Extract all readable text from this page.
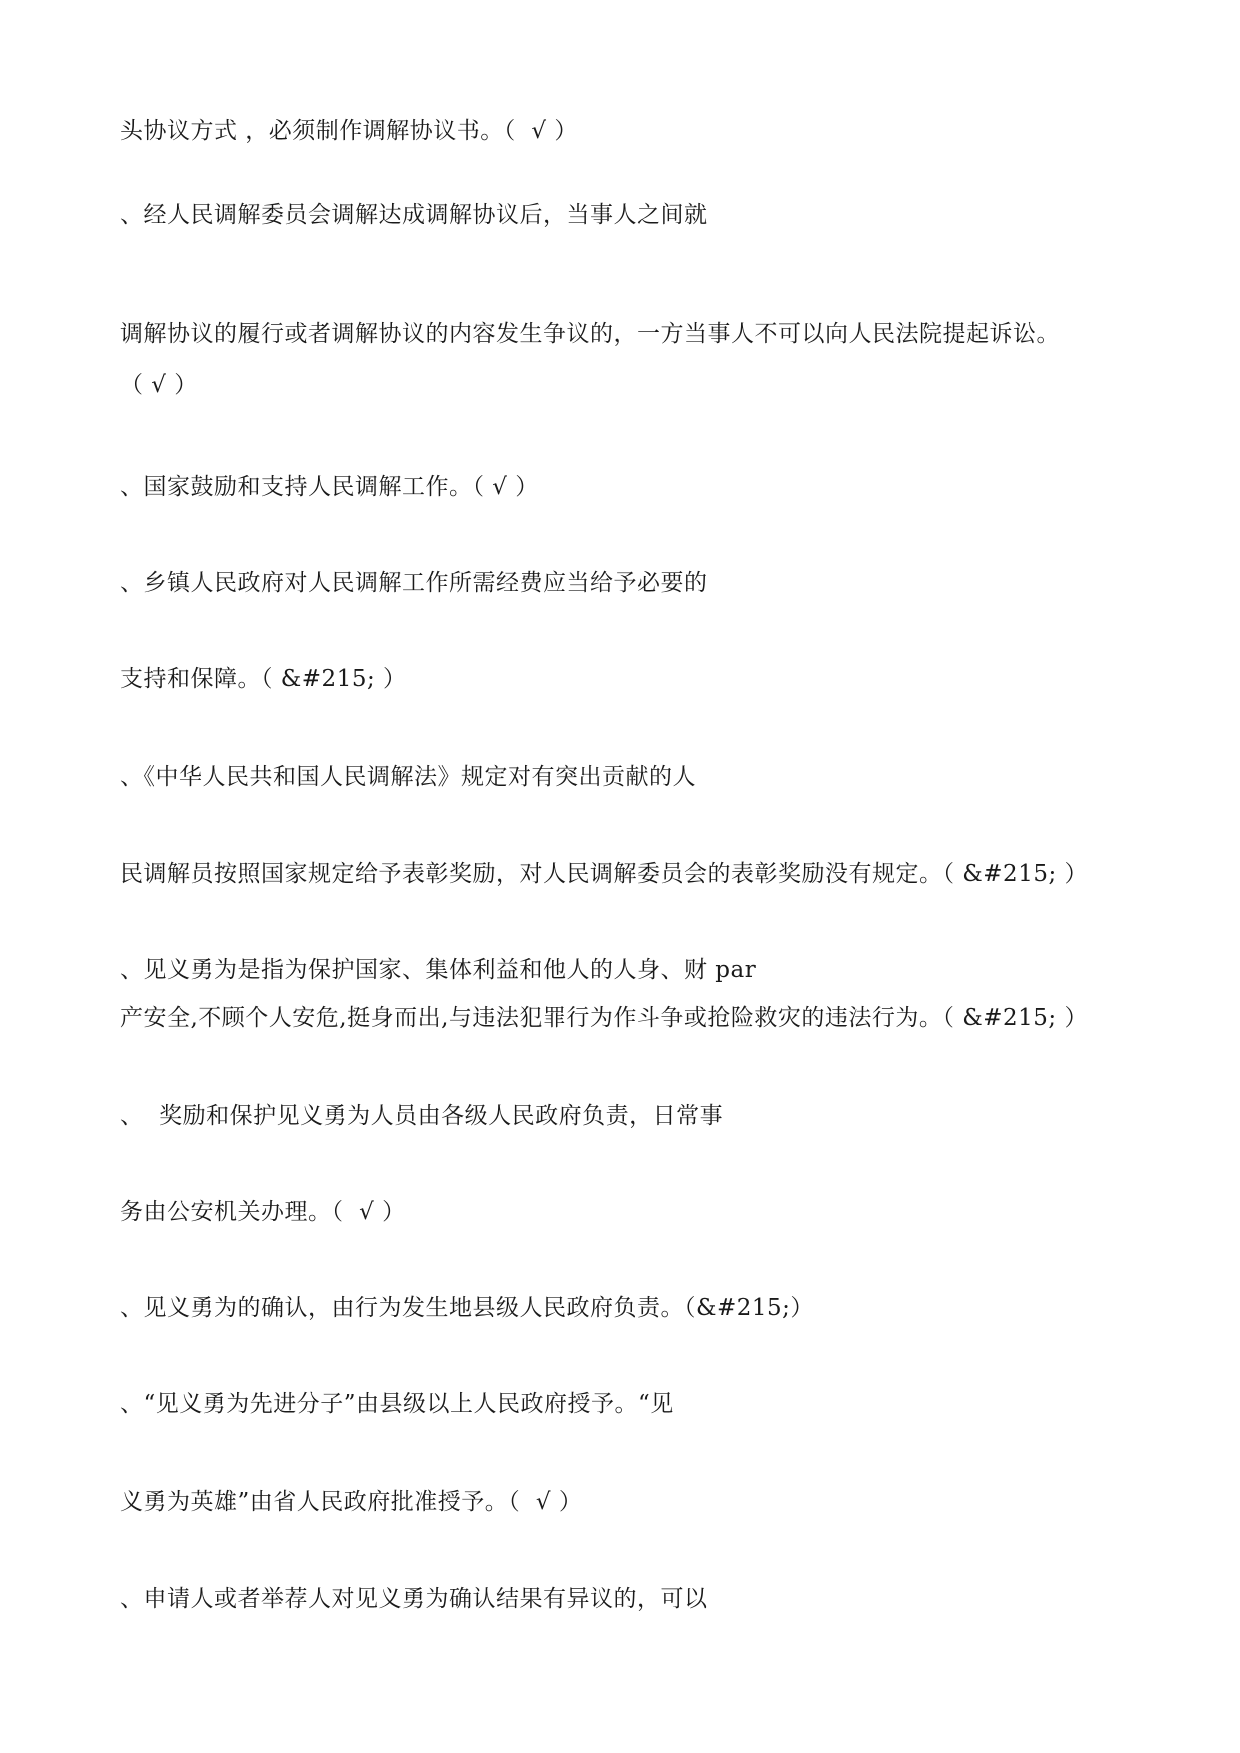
头协议方式 ，必须制作调解协议书。（  √ ）
、经人民调解委员会调解达成调解协议后，当事人之间就
调解协议的履行或者调解协议的内容发生争议的，一方当事人不可以向人民法院提起诉讼。
（ √ ）
、国家鼓励和支持人民调解工作。（ √ ）
、乡镇人民政府对人民调解工作所需经费应当给予必要的
支持和保障。（ &#215; ）
、《中华人民共和国人民调解法》规定对有突出贡献的人
民调解员按照国家规定给予表彰奖励，对人民调解委员会的表彰奖励没有规定。（ &#215; ）
、见义勇为是指为保护国家、集体利益和他人的人身、财 par
产安全,不顾个人安危,挺身而出,与违法犯罪行为作斗争或抢险救灾的违法行为。（ &#215; ）
、  奖励和保护见义勇为人员由各级人民政府负责，日常事
务由公安机关办理。（  √ ）
、见义勇为的确认，由行为发生地县级人民政府负责。（&#215;）
、“见义勇为先进分子”由县级以上人民政府授予。“见
义勇为英雄”由省人民政府批准授予。（  √ ）
、申请人或者举荐人对见义勇为确认结果有异议的，可以
